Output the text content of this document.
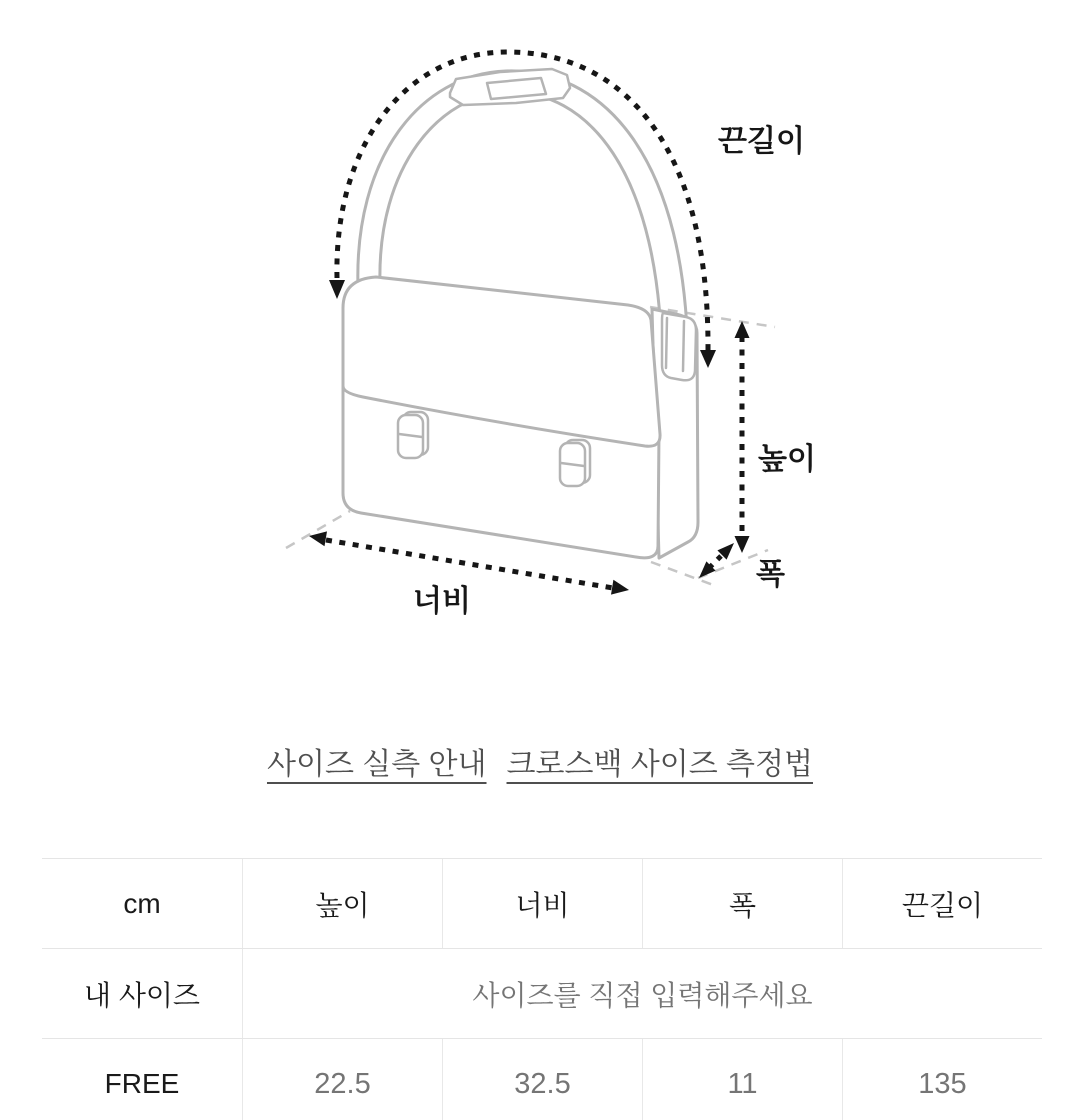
끈길이
높이
폭
너비
사이즈 실측 안내 크로스백 사이즈 측정법
cm	높이	너비	폭	끈길이
내 사이즈	사이즈를 직접 입력해주세요
FREE	22.5	32.5	11	135
